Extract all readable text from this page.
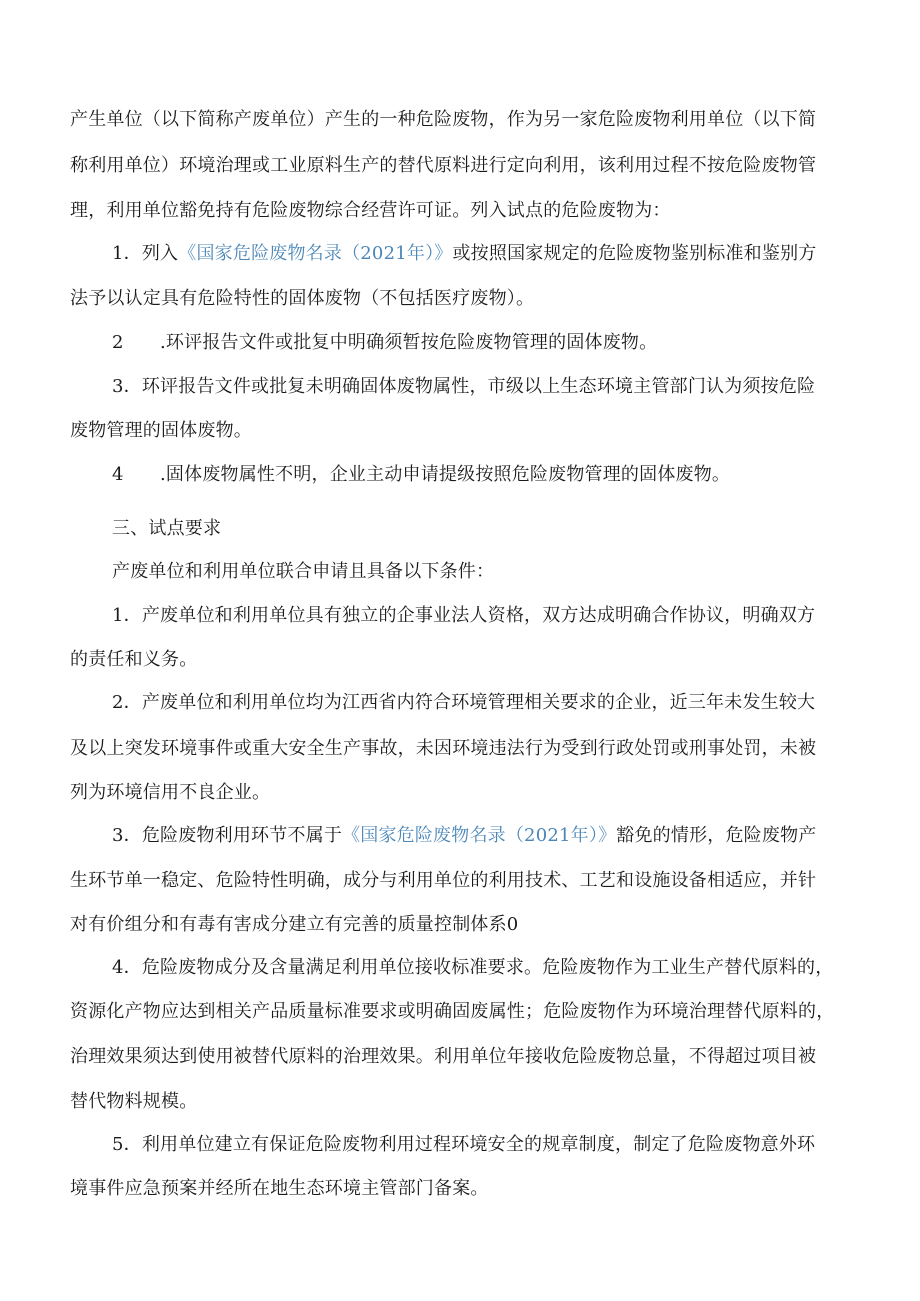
产生单位（以下简称产废单位）产生的一种危险废物，作为另一家危险废物利用单位（以下简
称利用单位）环境治理或工业原料生产的替代原料进行定向利用，该利用过程不按危险废物管
理，利用单位豁免持有危险废物综合经营许可证。列入试点的危险废物为：
1．列入《国家危险废物名录（2021年）》或按照国家规定的危险废物鉴别标准和鉴别方
法予以认定具有危险特性的固体废物（不包括医疗废物）。
2 .环评报告文件或批复中明确须暂按危险废物管理的固体废物。
3．环评报告文件或批复未明确固体废物属性，市级以上生态环境主管部门认为须按危险
废物管理的固体废物。
4 .固体废物属性不明，企业主动申请提级按照危险废物管理的固体废物。
三、试点要求
产废单位和利用单位联合申请且具备以下条件：
1．产废单位和利用单位具有独立的企事业法人资格，双方达成明确合作协议，明确双方
的责任和义务。
2．产废单位和利用单位均为江西省内符合环境管理相关要求的企业，近三年未发生较大
及以上突发环境事件或重大安全生产事故，未因环境违法行为受到行政处罚或刑事处罚，未被
列为环境信用不良企业。
3．危险废物利用环节不属于《国家危险废物名录（2021年）》豁免的情形，危险废物产
生环节单一稳定、危险特性明确，成分与利用单位的利用技术、工艺和设施设备相适应，并针
对有价组分和有毒有害成分建立有完善的质量控制体系0
4．危险废物成分及含量满足利用单位接收标准要求。危险废物作为工业生产替代原料的，
资源化产物应达到相关产品质量标准要求或明确固废属性；危险废物作为环境治理替代原料的，
治理效果须达到使用被替代原料的治理效果。利用单位年接收危险废物总量，不得超过项目被
替代物料规模。
5．利用单位建立有保证危险废物利用过程环境安全的规章制度，制定了危险废物意外环
境事件应急预案并经所在地生态环境主管部门备案。
